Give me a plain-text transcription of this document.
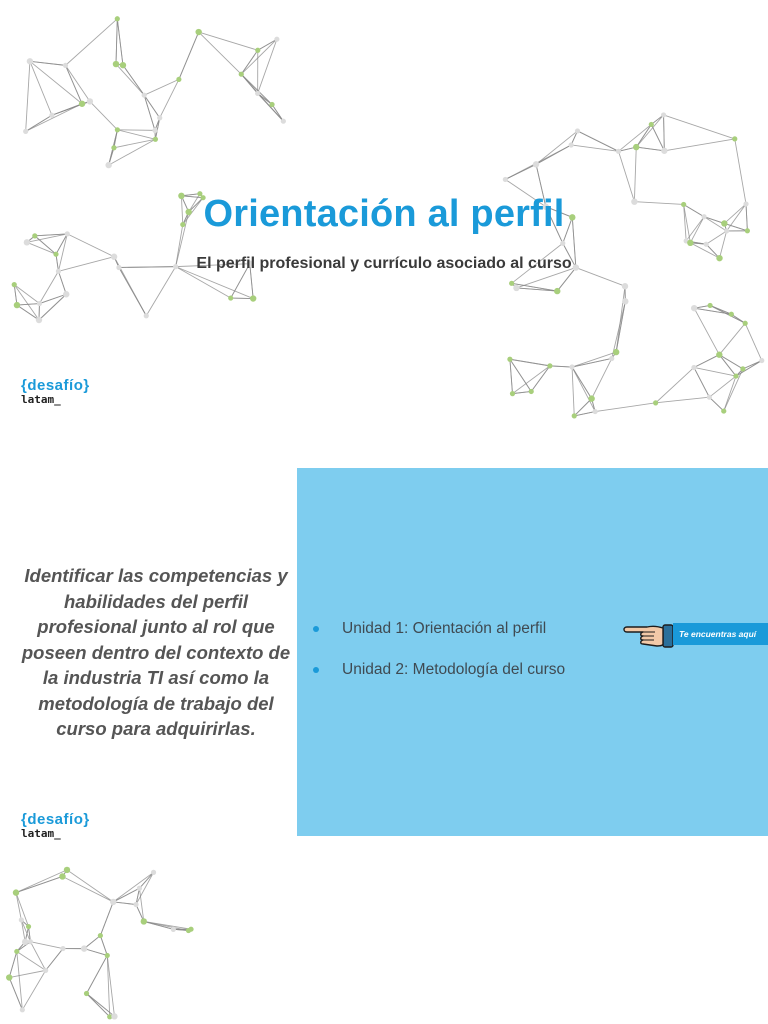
Orientación al perfil
El perfil profesional y currículo asociado al curso
{desafío}
latam_
Identificar las competencias y habilidades del perfil profesional junto al rol que poseen dentro del contexto de la industria TI así como la metodología de trabajo del curso para adquirirlas.
{desafío}
latam_
Unidad 1: Orientación al perfil
Unidad 2: Metodología del curso
Te encuentras aquí
